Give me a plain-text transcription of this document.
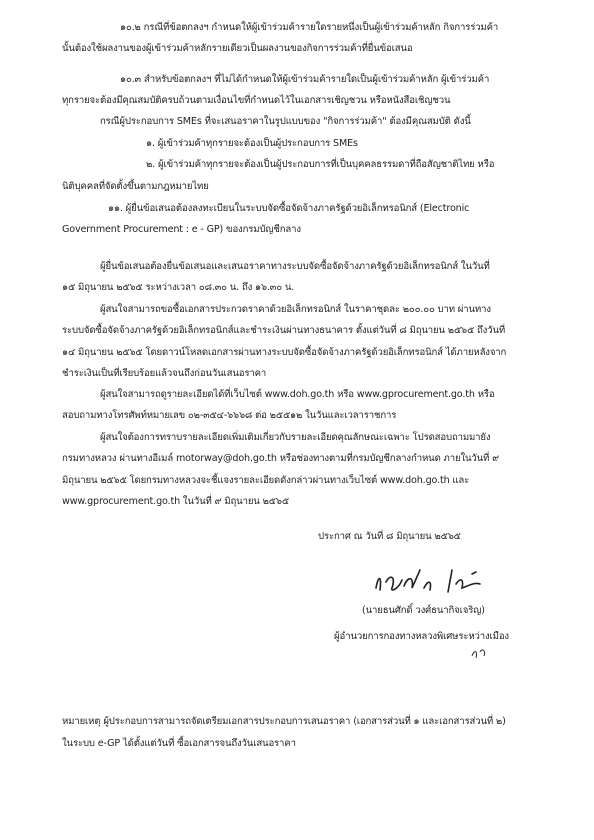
๑๐.๒ กรณีที่ข้อตกลงฯ กำหนดให้ผู้เข้าร่วมค้ารายใดรายหนึ่งเป็นผู้เข้าร่วมค้าหลัก กิจการร่วมค้า
นั้นต้องใช้ผลงานของผู้เข้าร่วมค้าหลักรายเดียวเป็นผลงานของกิจการร่วมค้าที่ยื่นข้อเสนอ
๑๐.๓ สำหรับข้อตกลงฯ ที่ไม่ได้กำหนดให้ผู้เข้าร่วมค้ารายใดเป็นผู้เข้าร่วมค้าหลัก ผู้เข้าร่วมค้า
ทุกรายจะต้องมีคุณสมบัติครบถ้วนตามเงื่อนไขที่กำหนดไว้ในเอกสารเชิญชวน หรือหนังสือเชิญชวน
กรณีผู้ประกอบการ SMEs ที่จะเสนอราคาในรูปแบบของ "กิจการร่วมค้า" ต้องมีคุณสมบัติ ดังนี้
๑. ผู้เข้าร่วมค้าทุกรายจะต้องเป็นผู้ประกอบการ SMEs
๒. ผู้เข้าร่วมค้าทุกรายจะต้องเป็นผู้ประกอบการที่เป็นบุคคลธรรมดาที่ถือสัญชาติไทย หรือ
นิติบุคคลที่จัดตั้งขึ้นตามกฎหมายไทย
๑๑. ผู้ยื่นข้อเสนอต้องลงทะเบียนในระบบจัดซื้อจัดจ้างภาครัฐด้วยอิเล็กทรอนิกส์ (Electronic
Government Procurement : e - GP) ของกรมบัญชีกลาง
ผู้ยื่นข้อเสนอต้องยื่นข้อเสนอและเสนอราคาทางระบบจัดซื้อจัดจ้างภาครัฐด้วยอิเล็กทรอนิกส์ ในวันที่
๑๕ มิถุนายน ๒๕๖๕ ระหว่างเวลา ๐๘.๓๐ น. ถึง ๑๖.๓๐ น.
ผู้สนใจสามารถขอซื้อเอกสารประกวดราคาด้วยอิเล็กทรอนิกส์ ในราคาชุดละ ๒๐๐.๐๐ บาท ผ่านทาง
ระบบจัดซื้อจัดจ้างภาครัฐด้วยอิเล็กทรอนิกส์และชำระเงินผ่านทางธนาคาร ตั้งแต่วันที่ ๘ มิถุนายน ๒๕๖๕ ถึงวันที่
๑๔ มิถุนายน ๒๕๖๕ โดยดาวน์โหลดเอกสารผ่านทางระบบจัดซื้อจัดจ้างภาครัฐด้วยอิเล็กทรอนิกส์ ได้ภายหลังจาก
ชำระเงินเป็นที่เรียบร้อยแล้วจนถึงก่อนวันเสนอราคา
ผู้สนใจสามารถดูรายละเอียดได้ที่เว็บไซต์ www.doh.go.th หรือ www.gprocurement.go.th หรือ
สอบถามทางโทรศัพท์หมายเลข ๐๒-๓๕๔-๖๖๖๘ ต่อ ๒๕๕๑๒ ในวันและเวลาราชการ
ผู้สนใจต้องการทราบรายละเอียดเพิ่มเติมเกี่ยวกับรายละเอียดคุณลักษณะเฉพาะ โปรดสอบถามมายัง
กรมทางหลวง ผ่านทางอีเมล์ motorway@doh.go.th หรือช่องทางตามที่กรมบัญชีกลางกำหนด ภายในวันที่ ๙
มิถุนายน ๒๕๖๕ โดยกรมทางหลวงจะชี้แจงรายละเอียดดังกล่าวผ่านทางเว็บไซต์ www.doh.go.th และ
www.gprocurement.go.th ในวันที่ ๙ มิถุนายน ๒๕๖๕
ประกาศ ณ วันที่ ๘ มิถุนายน ๒๕๖๕
(นายธนศักดิ์ วงศ์ธนากิจเจริญ)
ผู้อำนวยการกองทางหลวงพิเศษระหว่างเมือง
หมายเหตุ ผู้ประกอบการสามารถจัดเตรียมเอกสารประกอบการเสนอราคา (เอกสารส่วนที่ ๑ และเอกสารส่วนที่ ๒)
ในระบบ e-GP ได้ตั้งแต่วันที่ ซื้อเอกสารจนถึงวันเสนอราคา
